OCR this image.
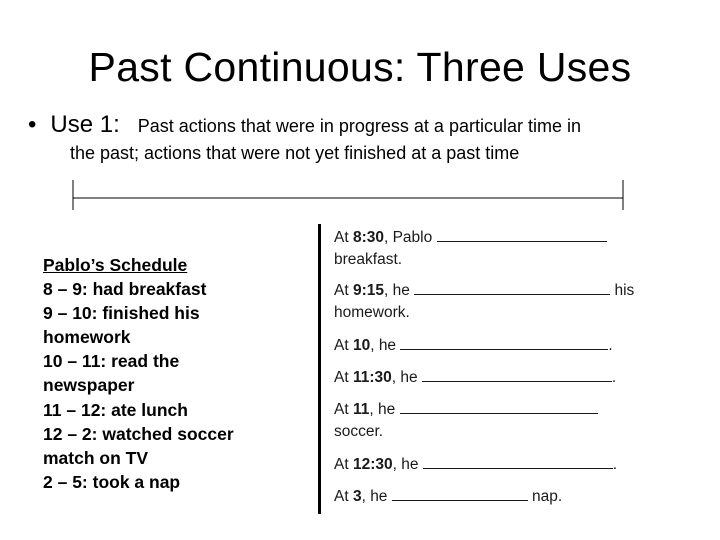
Past Continuous: Three Uses
• Use 1: Past actions that were in progress at a particular time in
the past; actions that were not yet finished at a past time
Pablo’s Schedule
8 – 9: had breakfast
9 – 10: finished his
homework
10 – 11: read the
newspaper
11 – 12: ate lunch
12 – 2: watched soccer
match on TV
2 – 5: took a nap
At 8:30, Pablo
breakfast.
At 9:15, he	his
homework.
At 10, he	.
At 11:30, he	.
At 11, he
soccer.
At 12:30, he	.
At 3, he	nap.
